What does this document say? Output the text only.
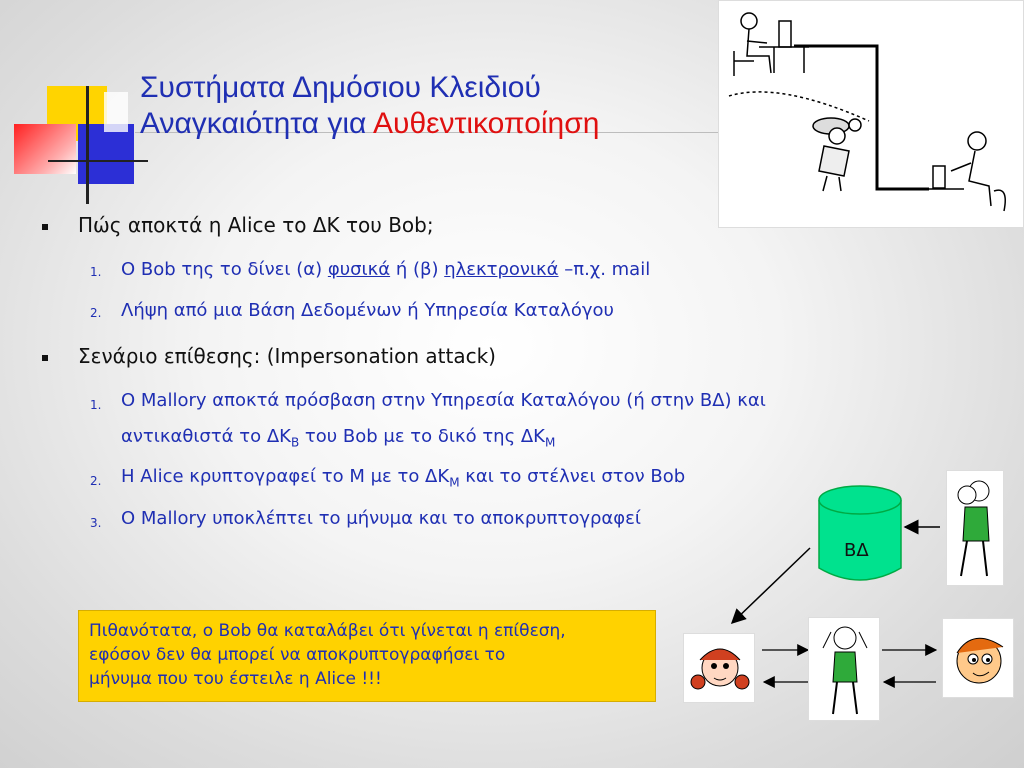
Συστήματα Δημόσιου Κλειδιού
Αναγκαιότητα για Αυθεντικοποίηση
Πώς αποκτά η Alice το ΔΚ του Bob;
1. Ο Bob της το δίνει (α) φυσικά ή (β) ηλεκτρονικά –π.χ. mail
2. Λήψη από μια Βάση Δεδομένων ή Υπηρεσία Καταλόγου
Σενάριο επίθεσης: (Impersonation attack)
1. Ο Mallory αποκτά πρόσβαση στην Υπηρεσία Καταλόγου (ή στην ΒΔ) και
αντικαθιστά το $\Delta K_B$ του Bob με το δικό της $\Delta K_M$
2. Η Alice κρυπτογραφεί το Μ με το $\Delta K_M$ και το στέλνει στον Bob
3. Ο Mallory υποκλέπτει το μήνυμα και το αποκρυπτογραφεί
Πιθανότατα, ο Bob θα καταλάβει ότι γίνεται η επίθεση,
εφόσον δεν θα μπορεί να αποκρυπτογραφήσει το
μήνυμα που του έστειλε η Alice !!!
ΒΔ
